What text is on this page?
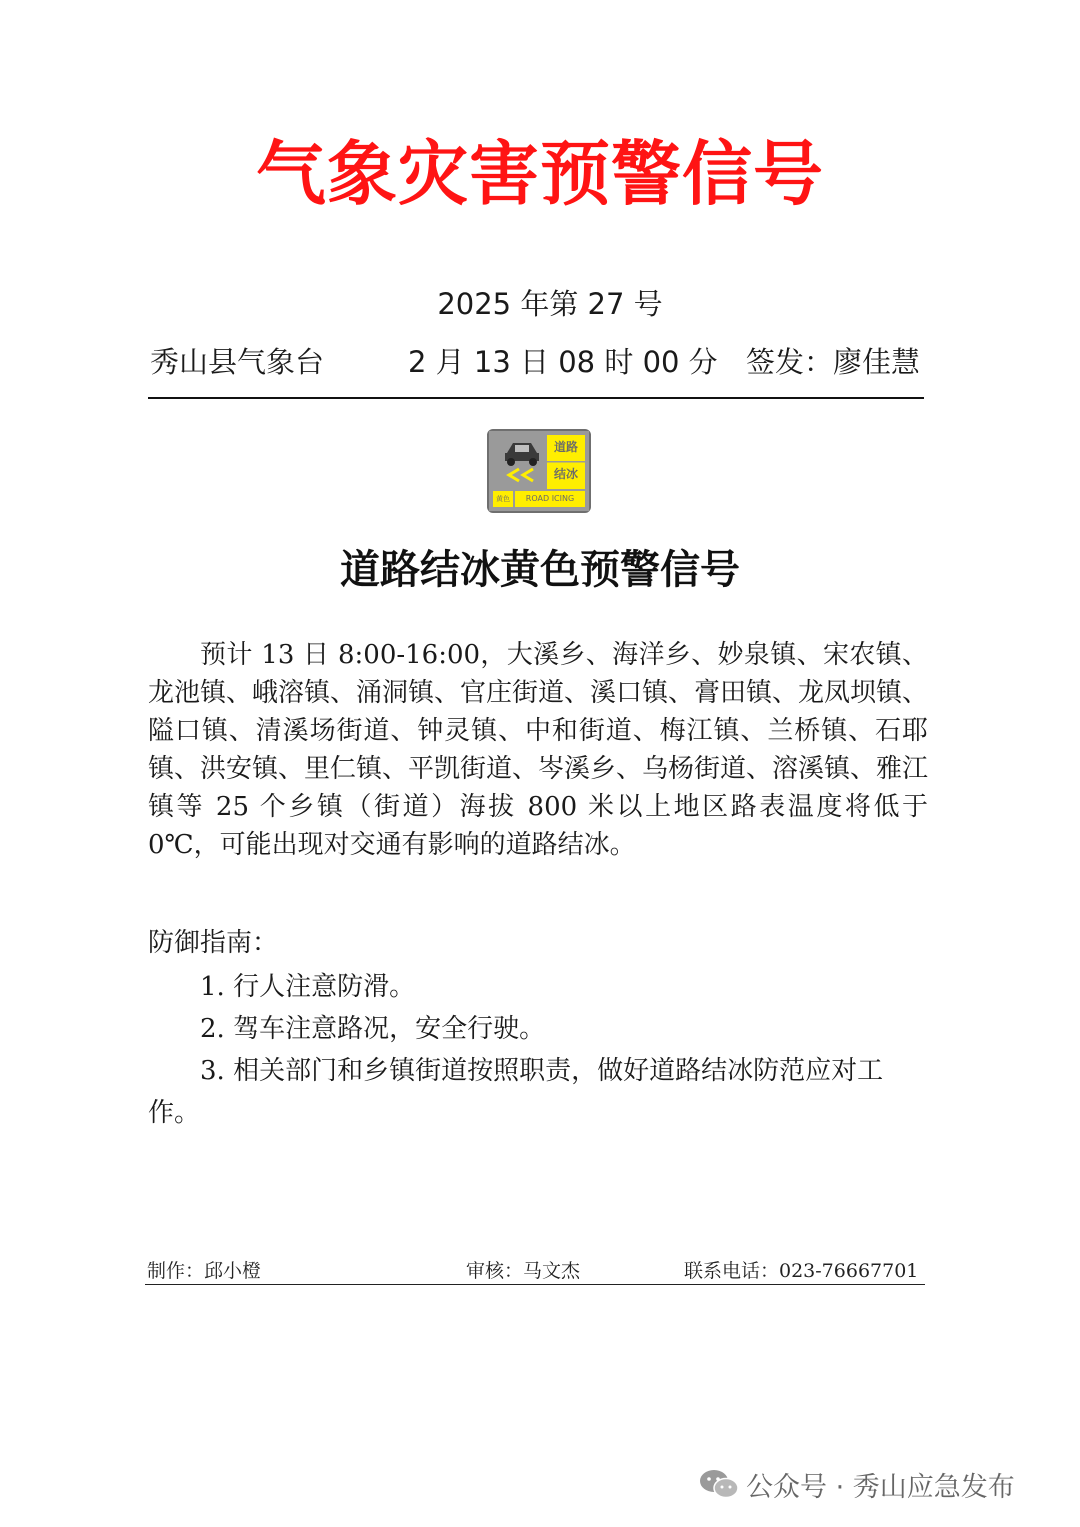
气象灾害预警信号
2025 年第 27 号
秀山县气象台	2 月 13 日 08 时 00 分 签发：廖佳慧
道路
结冰
黄色	ROAD ICING
道路结冰黄色预警信号

预计 13 日 8:00-16:00，大溪乡、海洋乡、妙泉镇、宋农镇、龙池镇、峨溶镇、涌洞镇、官庄街道、溪口镇、膏田镇、龙凤坝镇、隘口镇、清溪场街道、钟灵镇、中和街道、梅江镇、兰桥镇、石耶镇、洪安镇、里仁镇、平凯街道、岑溪乡、乌杨街道、溶溪镇、雅江镇等 25 个乡镇（街道）海拔 800 米以上地区路表温度将低于 0℃，可能出现对交通有影响的道路结冰。

防御指南：
1. 行人注意防滑。
2. 驾车注意路况，安全行驶。
3. 相关部门和乡镇街道按照职责，做好道路结冰防范应对工作。
制作：邱小橙	审核：马文杰	联系电话：023-76667701
公众号 · 秀山应急发布
